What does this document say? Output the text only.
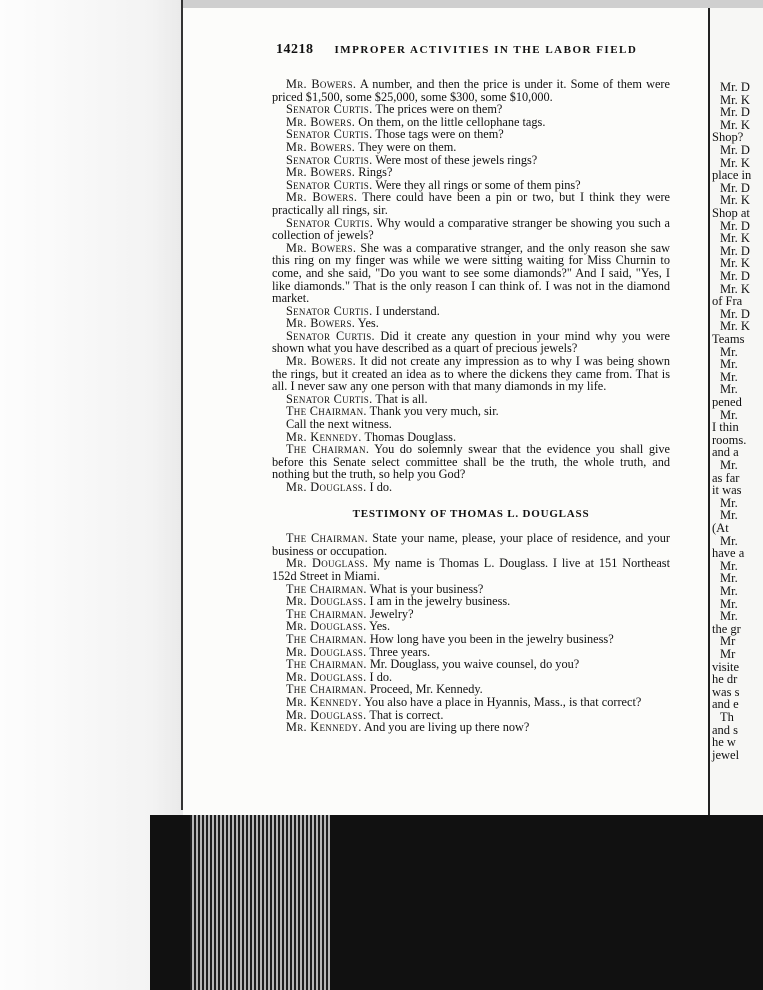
14218 IMPROPER ACTIVITIES IN THE LABOR FIELD

Mr. Bowers. A number, and then the price is under it. Some of them were priced $1,500, some $25,000, some $300, some $10,000.

Senator Curtis. The prices were on them?

Mr. Bowers. On them, on the little cellophane tags.

Senator Curtis. Those tags were on them?

Mr. Bowers. They were on them.

Senator Curtis. Were most of these jewels rings?

Mr. Bowers. Rings?

Senator Curtis. Were they all rings or some of them pins?

Mr. Bowers. There could have been a pin or two, but I think they were practically all rings, sir.

Senator Curtis. Why would a comparative stranger be showing you such a collection of jewels?

Mr. Bowers. She was a comparative stranger, and the only reason she saw this ring on my finger was while we were sitting waiting for Miss Churnin to come, and she said, "Do you want to see some diamonds?" And I said, "Yes, I like diamonds." That is the only reason I can think of. I was not in the diamond market.

Senator Curtis. I understand.

Mr. Bowers. Yes.

Senator Curtis. Did it create any question in your mind why you were shown what you have described as a quart of precious jewels?

Mr. Bowers. It did not create any impression as to why I was being shown the rings, but it created an idea as to where the dickens they came from. That is all. I never saw any one person with that many diamonds in my life.

Senator Curtis. That is all.

The Chairman. Thank you very much, sir.

Call the next witness.

Mr. Kennedy. Thomas Douglass.

The Chairman. You do solemnly swear that the evidence you shall give before this Senate select committee shall be the truth, the whole truth, and nothing but the truth, so help you God?

Mr. Douglass. I do.

TESTIMONY OF THOMAS L. DOUGLASS

The Chairman. State your name, please, your place of residence, and your business or occupation.

Mr. Douglass. My name is Thomas L. Douglass. I live at 151 Northeast 152d Street in Miami.

The Chairman. What is your business?

Mr. Douglass. I am in the jewelry business.

The Chairman. Jewelry?

Mr. Douglass. Yes.

The Chairman. How long have you been in the jewelry business?

Mr. Douglass. Three years.

The Chairman. Mr. Douglass, you waive counsel, do you?

Mr. Douglass. I do.

The Chairman. Proceed, Mr. Kennedy.

Mr. Kennedy. You also have a place in Hyannis, Mass., is that correct?

Mr. Douglass. That is correct.

Mr. Kennedy. And you are living up there now?

Mr. D
Mr. K
Mr. D
Mr. K
Shop?
Mr. D
Mr. K
place in
Mr. D
Mr. K
Shop at
Mr. D
Mr. K
Mr. D
Mr. K
Mr. D
Mr. K
of Fra
Mr. D
Mr. K
Teams
Mr.
Mr.
Mr.
Mr.
pened
Mr.
I thin
rooms.
and a
Mr.
as far
it was
Mr.
Mr.
(At
Mr.
have a
Mr.
Mr.
Mr.
Mr.
Mr.
the gr
Mr
Mr
visite
he dr
was s
and e
Th
and s
he w
jewel
